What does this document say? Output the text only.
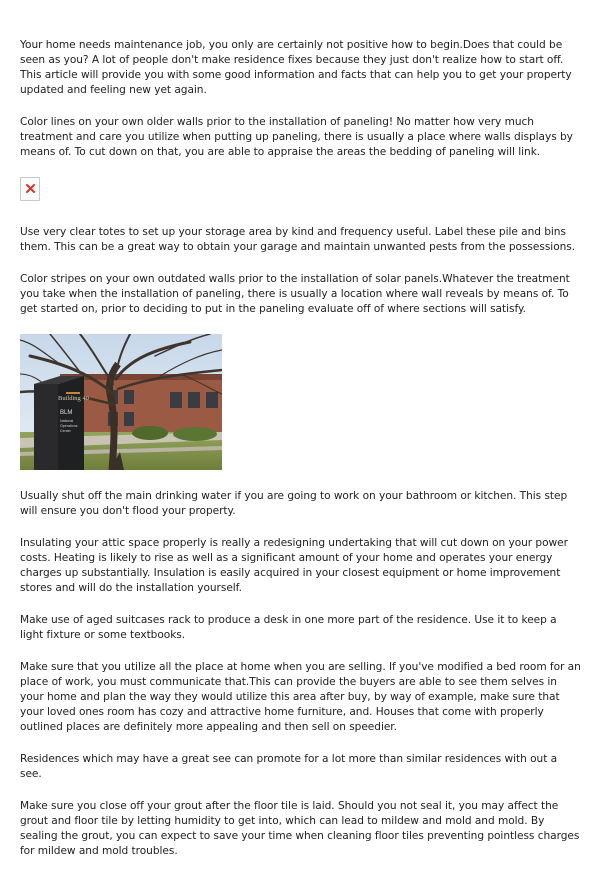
Your home needs maintenance job, you only are certainly not positive how to begin.Does that could be seen as you? A lot of people don't make residence fixes because they just don't realize how to start off. This article will provide you with some good information and facts that can help you to get your property updated and feeling new yet again.

Color lines on your own older walls prior to the installation of paneling! No matter how very much treatment and care you utilize when putting up paneling, there is usually a place where walls displays by means of. To cut down on that, you are able to appraise the areas the bedding of paneling will link.

Use very clear totes to set up your storage area by kind and frequency useful. Label these pile and bins them. This can be a great way to obtain your garage and maintain unwanted pests from the possessions.

Color stripes on your own outdated walls prior to the installation of solar panels.Whatever the treatment you take when the installation of paneling, there is usually a location where wall reveals by means of. To get started on, prior to deciding to put in the paneling evaluate off of where sections will satisfy.

Building 40
BLM
National
Operations
Center

Usually shut off the main drinking water if you are going to work on your bathroom or kitchen. This step will ensure you don't flood your property.

Insulating your attic space properly is really a redesigning undertaking that will cut down on your power costs. Heating is likely to rise as well as a significant amount of your home and operates your energy charges up substantially. Insulation is easily acquired in your closest equipment or home improvement stores and will do the installation yourself.

Make use of aged suitcases rack to produce a desk in one more part of the residence. Use it to keep a light fixture or some textbooks.

Make sure that you utilize all the place at home when you are selling. If you've modified a bed room for an place of work, you must communicate that.This can provide the buyers are able to see them selves in your home and plan the way they would utilize this area after buy, by way of example, make sure that your loved ones room has cozy and attractive home furniture, and. Houses that come with properly outlined places are definitely more appealing and then sell on speedier.

Residences which may have a great see can promote for a lot more than similar residences with out a see.

Make sure you close off your grout after the floor tile is laid. Should you not seal it, you may affect the grout and floor tile by letting humidity to get into, which can lead to mildew and mold and mold. By sealing the grout, you can expect to save your time when cleaning floor tiles preventing pointless charges for mildew and mold troubles.
